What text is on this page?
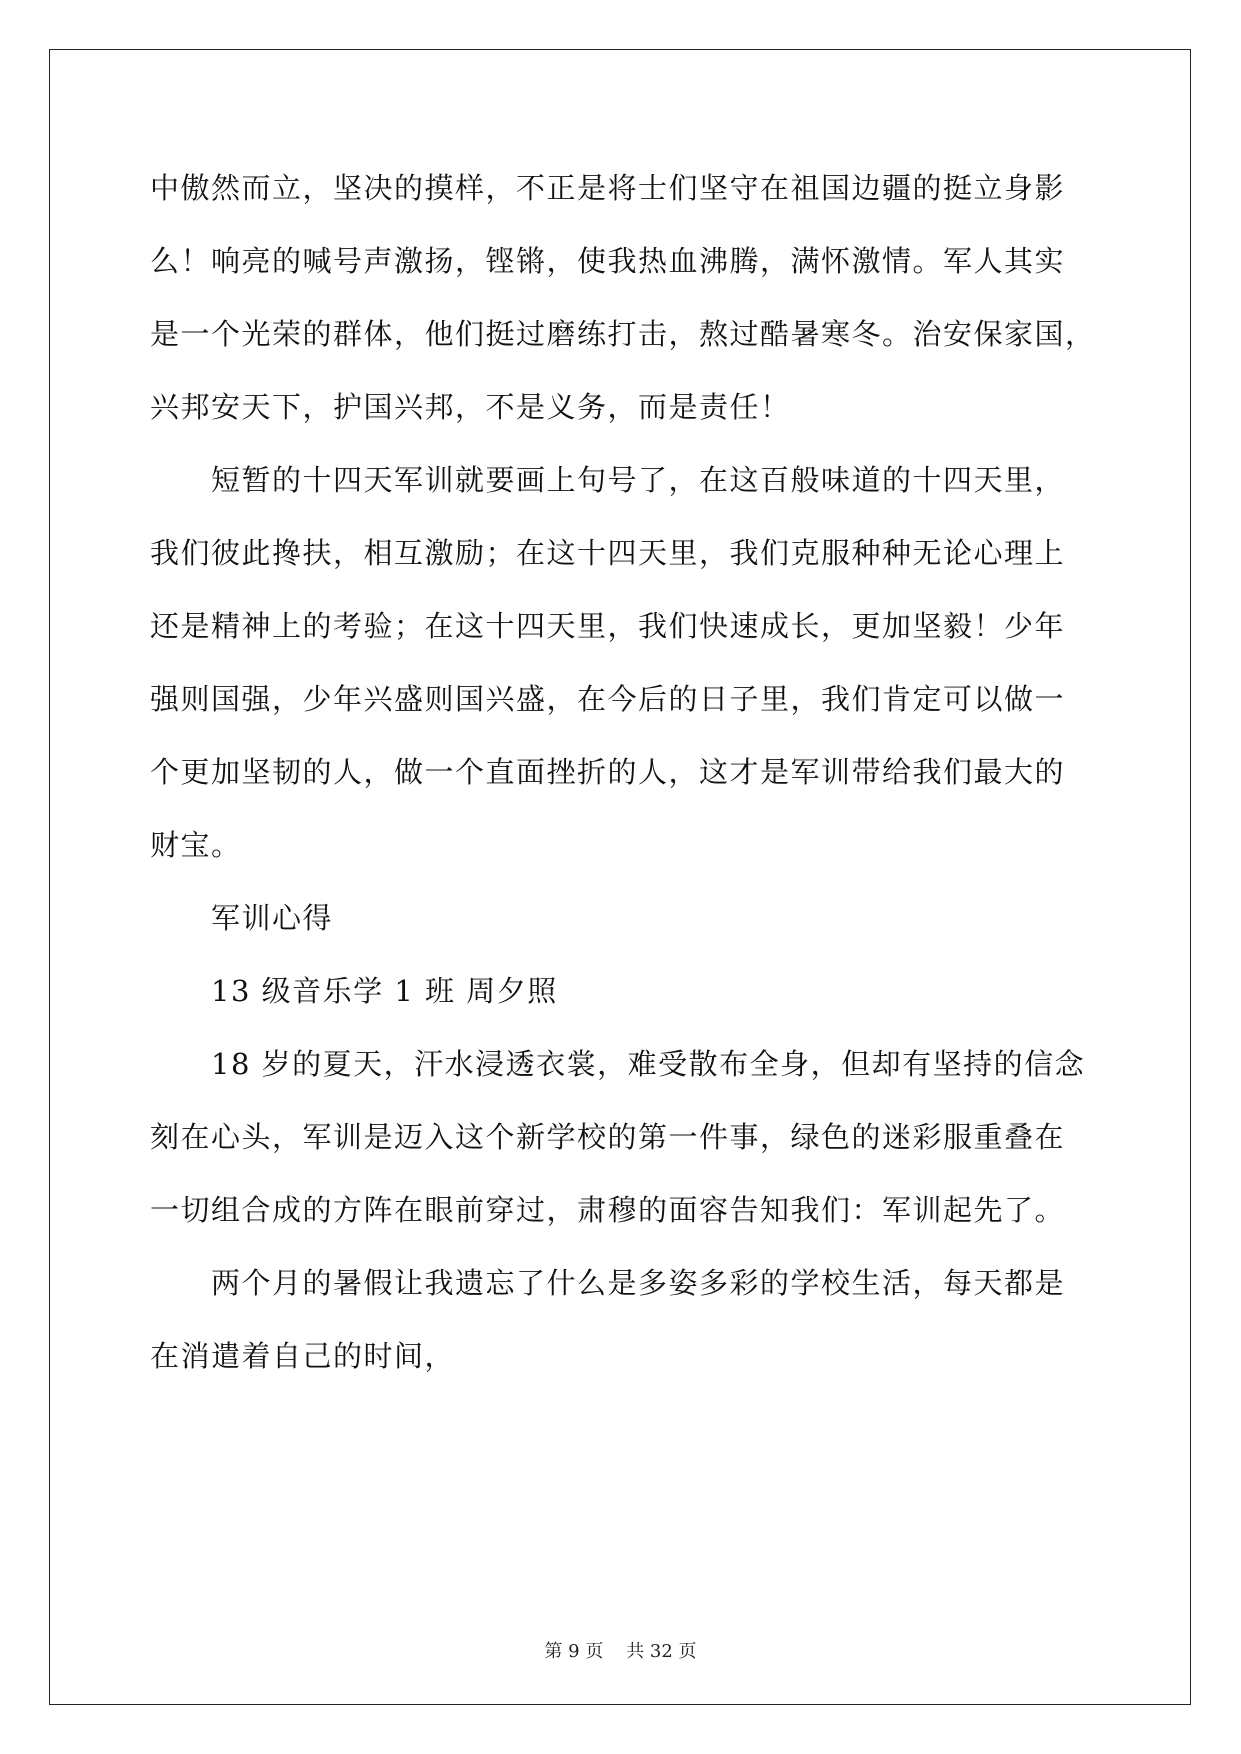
中傲然而立，坚决的摸样，不正是将士们坚守在祖国边疆的挺立身影
么！响亮的喊号声激扬，铿锵，使我热血沸腾，满怀激情。军人其实
是一个光荣的群体，他们挺过磨练打击，熬过酷暑寒冬。治安保家国，
兴邦安天下，护国兴邦，不是义务，而是责任！
短暂的十四天军训就要画上句号了，在这百般味道的十四天里，
我们彼此搀扶，相互激励；在这十四天里，我们克服种种无论心理上
还是精神上的考验；在这十四天里，我们快速成长，更加坚毅！少年
强则国强，少年兴盛则国兴盛，在今后的日子里，我们肯定可以做一
个更加坚韧的人，做一个直面挫折的人，这才是军训带给我们最大的
财宝。
军训心得
13 级音乐学 1 班 周夕照
18 岁的夏天，汗水浸透衣裳，难受散布全身，但却有坚持的信念
刻在心头，军训是迈入这个新学校的第一件事，绿色的迷彩服重叠在
一切组合成的方阵在眼前穿过，肃穆的面容告知我们：军训起先了。
两个月的暑假让我遗忘了什么是多姿多彩的学校生活，每天都是
在消遣着自己的时间，
第 9 页    共 32 页
